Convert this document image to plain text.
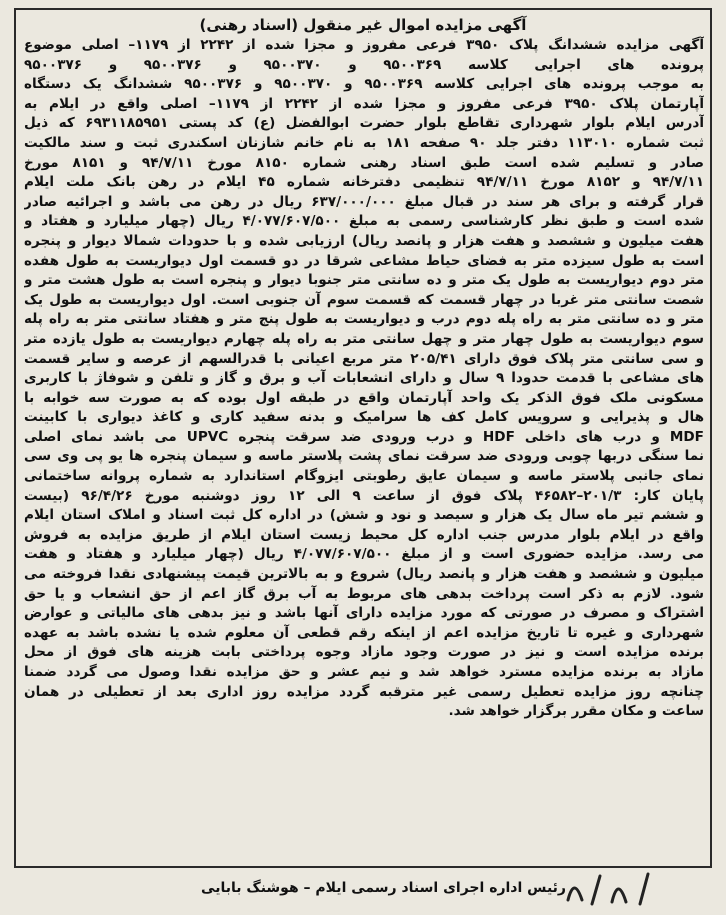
آگهی مزایده اموال غیر منقول (اسناد رهنی)
آگهی مزایده ششدانگ پلاک ۳۹۵۰ فرعی مفروز و مجزا شده از ۲۲۴۲ از ۱۱۷۹– اصلی موضوع
پرونده های اجرایی کلاسه ۹۵۰۰۳۶۹ و ۹۵۰۰۳۷۰ و ۹۵۰۰۳۷۶ و ۹۵۰۰۳۷۶
به موجب پرونده های اجرایی کلاسه ۹۵۰۰۳۶۹ و ۹۵۰۰۳۷۰ و ۹۵۰۰۳۷۶ ششدانگ یک دستگاه
آپارتمان پلاک ۳۹۵۰ فرعی مفروز و مجزا شده از ۲۲۴۲ از ۱۱۷۹– اصلی واقع در ایلام به
آدرس ایلام بلوار شهرداری تقاطع بلوار حضرت ابوالفضل (ع) کد پستی ۶۹۳۱۱۸۵۹۵۱ که ذیل
ثبت شماره ۱۱۳۰۱۰ دفتر جلد ۹۰ صفحه ۱۸۱ به نام خانم شازنان اسکندری ثبت و سند مالکیت
صادر و تسلیم شده است طبق اسناد رهنی شماره ۸۱۵۰ مورخ ۹۴/۷/۱۱ و ۸۱۵۱ مورخ
۹۴/۷/۱۱ و ۸۱۵۲ مورخ ۹۴/۷/۱۱ تنظیمی دفترخانه شماره ۴۵ ایلام در رهن بانک ملت ایلام
قرار گرفته و برای هر سند در قبال مبلغ ۶۳۷/۰۰۰/۰۰۰ ریال در رهن می باشد و اجرائیه صادر
شده است و طبق نظر کارشناسی رسمی به مبلغ ۴/۰۷۷/۶۰۷/۵۰۰ ریال (چهار میلیارد و هفتاد و
هفت میلیون و ششصد و هفت هزار و پانصد ریال) ارزیابی شده و با حدودات شمالا دیوار و پنجره
است به طول سیزده متر به فضای حیاط مشاعی شرقا در دو قسمت اول دیواریست به طول هفده
متر دوم دیواریست به طول یک متر و ده سانتی متر جنوبا دیوار و پنجره است به طول هشت متر و
شصت سانتی متر غربا در چهار قسمت که قسمت سوم آن جنوبی است. اول دیواریست به طول یک
متر و ده سانتی متر به راه پله دوم درب و دیواریست به طول پنج متر و هفتاد سانتی متر به راه پله
سوم دیواریست به طول چهار متر و چهل سانتی متر به راه پله چهارم دیواریست به طول یازده متر
و سی سانتی متر پلاک فوق دارای ۲۰۵/۴۱ متر مربع اعیانی با قدرالسهم از عرصه و سایر قسمت
های مشاعی با قدمت حدودا ۹ سال و دارای انشعابات آب و برق و گاز و تلفن و شوفاژ با کاربری
مسکونی ملک فوق الذکر یک واحد آپارتمان واقع در طبقه اول بوده که به صورت سه خوابه با
هال و پذیرایی و سرویس کامل کف ها سرامیک و بدنه سفید کاری و کاغذ دیواری با کابینت
MDF و درب های داخلی HDF و درب ورودی ضد سرقت پنجره UPVC می باشد نمای اصلی
نما سنگی دربها چوبی ورودی ضد سرقت نمای پشت پلاستر ماسه و سیمان پنجره ها یو پی وی سی
نمای جانبی پلاستر ماسه و سیمان عایق رطوبتی ایزوگام استاندارد به شماره پروانه ساختمانی
پایان کار: ۲۰۱/۳–۴۶۵۸۲ پلاک فوق از ساعت ۹ الی ۱۲ روز دوشنبه مورخ ۹۶/۴/۲۶ (بیست
و ششم تیر ماه سال یک هزار و سیصد و نود و شش) در اداره کل ثبت اسناد و املاک استان ایلام
واقع در ایلام بلوار مدرس جنب اداره کل محیط زیست استان ایلام از طریق مزایده به فروش
می رسد. مزایده حضوری است و از مبلغ ۴/۰۷۷/۶۰۷/۵۰۰ ریال (چهار میلیارد و هفتاد و هفت
میلیون و ششصد و هفت هزار و پانصد ریال) شروع و به بالاترین قیمت پیشنهادی نقدا فروخته می
شود. لازم به ذکر است پرداخت بدهی های مربوط به آب برق گاز اعم از حق انشعاب و یا حق
اشتراک و مصرف در صورتی که مورد مزایده دارای آنها باشد و نیز بدهی های مالیاتی و عوارض
شهرداری و غیره تا تاریخ مزایده اعم از اینکه رقم قطعی آن معلوم شده یا نشده باشد به عهده
برنده مزایده است و نیز در صورت وجود مازاد وجوه پرداختی بابت هزینه های فوق از محل
مازاد به برنده مزایده مسترد خواهد شد و نیم عشر و حق مزایده نقدا وصول می گردد ضمنا
چنانچه روز مزایده تعطیل رسمی غیر مترقبه گردد مزایده روز اداری بعد از تعطیلی در همان
ساعت و مکان مقرر برگزار خواهد شد.
رئیس اداره اجرای اسناد رسمی ایلام – هوشنگ بابایی
